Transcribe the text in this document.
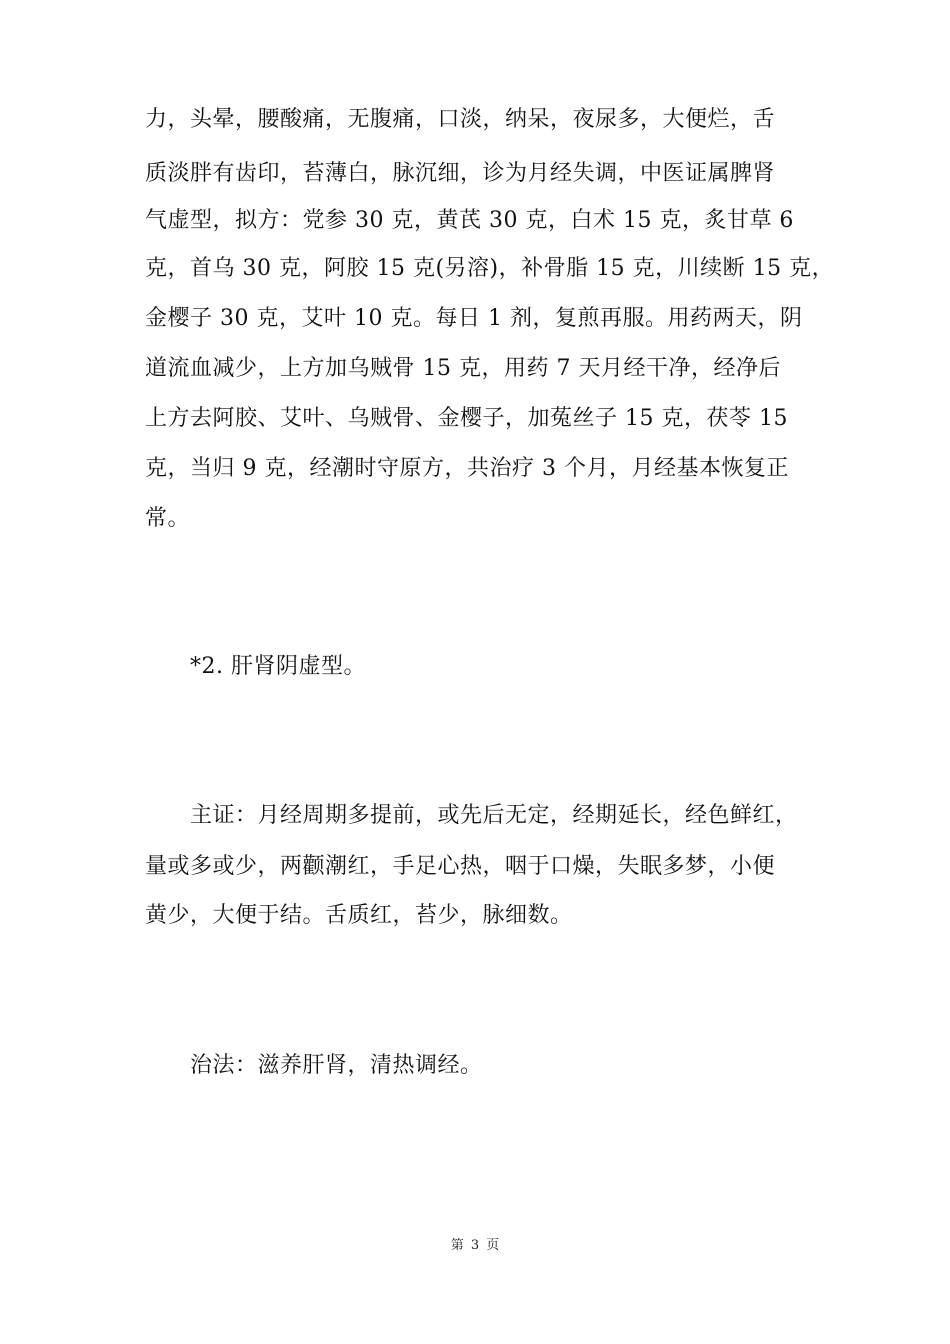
力，头晕，腰酸痛，无腹痛，口淡，纳呆，夜尿多，大便烂，舌
质淡胖有齿印，苔薄白，脉沉细，诊为月经失调，中医证属脾肾
气虚型，拟方：党参 30 克，黄芪 30 克，白术 15 克，炙甘草 6
克，首乌 30 克，阿胶 15 克(另溶)，补骨脂 15 克，川续断 15 克，
金樱子 30 克，艾叶 10 克。每日 1 剂，复煎再服。用药两天，阴
道流血减少，上方加乌贼骨 15 克，用药 7 天月经干净，经净后
上方去阿胶、艾叶、乌贼骨、金樱子，加菟丝子 15 克，茯苓 15
克，当归 9 克，经潮时守原方，共治疗 3 个月，月经基本恢复正
常。
*2. 肝肾阴虚型。
主证：月经周期多提前，或先后无定，经期延长，经色鲜红，
量或多或少，两颧潮红，手足心热，咽于口燥，失眠多梦，小便
黄少，大便于结。舌质红，苔少，脉细数。
治法：滋养肝肾，清热调经。
第 3 页
